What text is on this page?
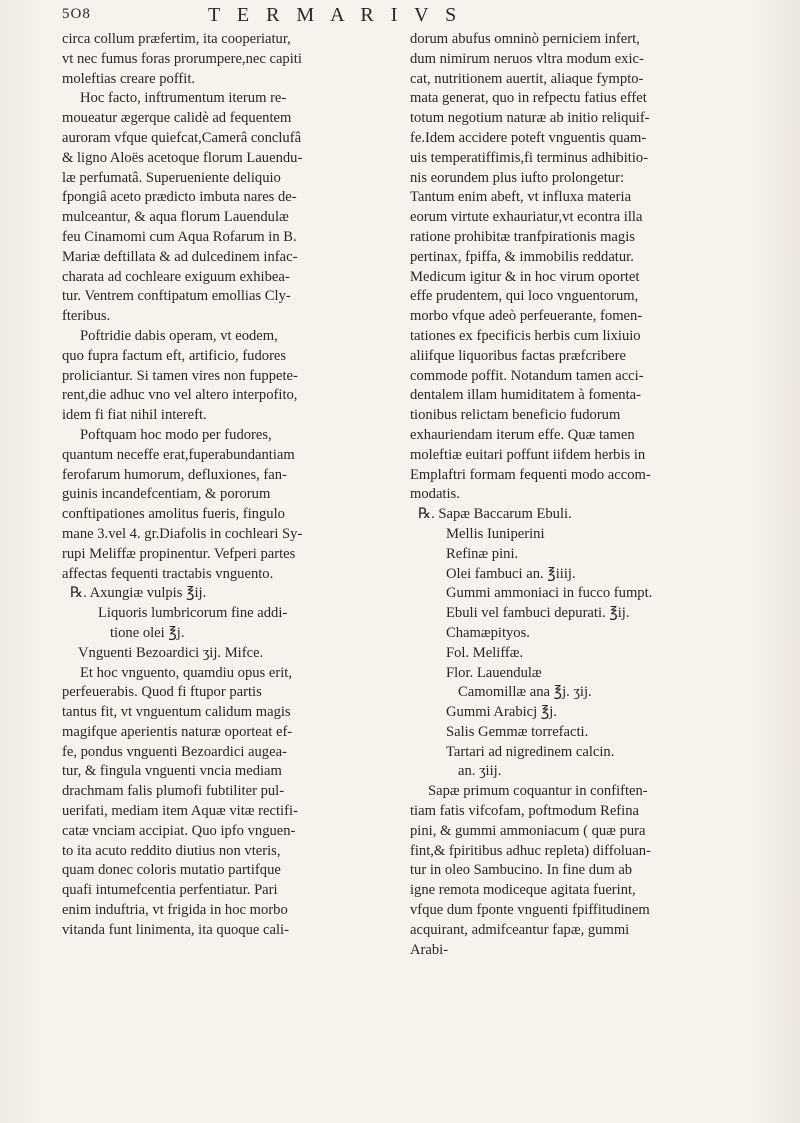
5O8	T E R M A R I V S
circa collum præfertim, ita cooperiatur,
vt nec fumus foras prorumpere,nec capiti
moleftias creare poffit.
Hoc facto, inftrumentum iterum re-
moueatur ægerque calidè ad fequentem
auroram vfque quiefcat,Camerâ conclufâ
& ligno Aloës acetoque florum Lauendu-
læ perfumatâ. Superueniente deliquio
fpongiâ aceto prædicto imbuta nares de-
mulceantur, & aqua florum Lauendulæ
feu Cinamomi cum Aqua Rofarum in B.
Mariæ deftillata & ad dulcedinem infac-
charata ad cochleare exiguum exhibea-
tur. Ventrem conftipatum emollias Cly-
fteribus.
Poftridie dabis operam, vt eodem,
quo fupra factum eft, artificio, fudores
proliciantur. Si tamen vires non fuppete-
rent,die adhuc vno vel altero interpofito,
idem fi fiat nihil intereft.
Poftquam hoc modo per fudores,
quantum neceffe erat,fuperabundantiam
ferofarum humorum, defluxiones, fan-
guinis incandefcentiam, & pororum
conftipationes amolitus fueris, fingulo
mane 3.vel 4. gr.Diafolis in cochleari Sy-
rupi Meliffæ propinentur. Vefperi partes
affectas fequenti tractabis vnguento.
℞. Axungiæ vulpis ℥ij.
Liquoris lumbricorum fine addi-
tione olei ℥j.
Vnguenti Bezoardici ʒij. Mifce.
Et hoc vnguento, quamdiu opus erit,
perfeuerabis. Quod fi ftupor partis
tantus fit, vt vnguentum calidum magis
magifque aperientis naturæ oporteat ef-
fe, pondus vnguenti Bezoardici augea-
tur, & fingula vnguenti vncia mediam
drachmam falis plumofi fubtiliter pul-
uerifati, mediam item Aquæ vitæ rectifi-
catæ vnciam accipiat. Quo ipfo vnguen-
to ita acuto reddito diutius non vteris,
quam donec coloris mutatio partifque
quafi intumefcentia perfentiatur. Pari
enim induftria, vt frigida in hoc morbo
vitanda funt linimenta, ita quoque cali-
dorum abufus omninò perniciem infert,
dum nimirum neruos vltra modum exic-
cat, nutritionem auertit, aliaque fympto-
mata generat, quo in refpectu fatius effet
totum negotium naturæ ab initio reliquif-
fe.Idem accidere poteft vnguentis quam-
uis temperatiffimis,fi terminus adhibitio-
nis eorundem plus iufto prolongetur:
Tantum enim abeft, vt influxa materia
eorum virtute exhauriatur,vt econtra illa
ratione prohibitæ tranfpirationis magis
pertinax, fpiffa, & immobilis reddatur.
Medicum igitur & in hoc virum oportet
effe prudentem, qui loco vnguentorum,
morbo vfque adeò perfeuerante, fomen-
tationes ex fpecificis herbis cum lixiuio
aliifque liquoribus factas præfcribere
commode poffit. Notandum tamen acci-
dentalem illam humiditatem à fomenta-
tionibus relictam beneficio fudorum
exhauriendam iterum effe. Quæ tamen
moleftiæ euitari poffunt iifdem herbis in
Emplaftri formam fequenti modo accom-
modatis.
℞. Sapæ Baccarum Ebuli.
Mellis Iuniperini
Refinæ pini.
Olei fambuci an. ℥iiij.
Gummi ammoniaci in fucco fumpt.
Ebuli vel fambuci depurati. ℥ij.
Chamæpityos.
Fol. Meliffæ.
Flor. Lauendulæ
Camomillæ ana ℥j. ʒij.
Gummi Arabicj ℥j.
Salis Gemmæ torrefacti.
Tartari ad nigredinem calcin.
an. ʒiij.
Sapæ primum coquantur in confiften-
tiam fatis vifcofam, poftmodum Refina
pini, & gummi ammoniacum ( quæ pura
fint,& fpiritibus adhuc repleta) diffoluan-
tur in oleo Sambucino. In fine dum ab
igne remota modiceque agitata fuerint,
vfque dum fponte vnguenti fpiffitudinem
acquirant, admifceantur fapæ, gummi
Arabi-
